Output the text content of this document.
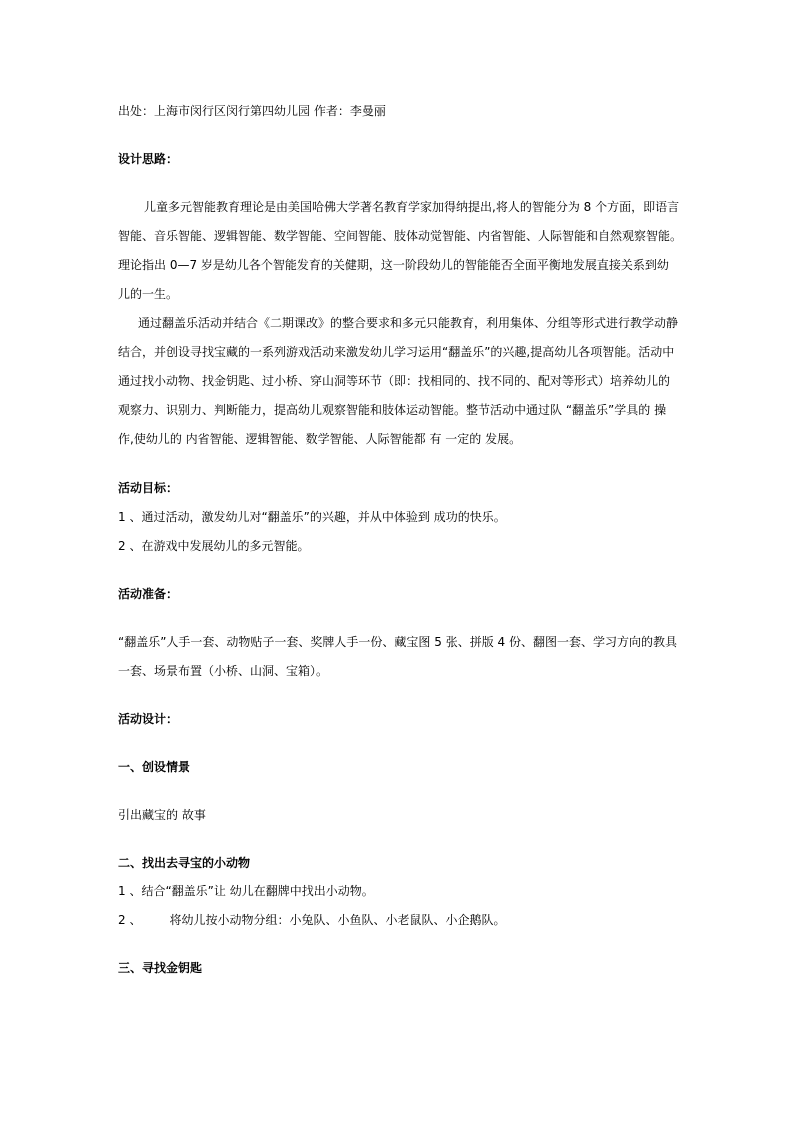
出处：上海市闵行区闵行第四幼儿园 作者：李曼丽
设计思路：
儿童多元智能教育理论是由美国哈佛大学著名教育学家加得纳提出,将人的智能分为 8 个方面，即语言
智能、音乐智能、逻辑智能、数学智能、空间智能、肢体动觉智能、内省智能、人际智能和自然观察智能。
理论指出 0—7 岁是幼儿各个智能发育的关健期，这一阶段幼儿的智能能否全面平衡地发展直接关系到幼
儿的一生。
通过翻盖乐活动并结合《二期课改》的整合要求和多元只能教育，利用集体、分组等形式进行教学动静
结合，并创设寻找宝藏的一系列游戏活动来激发幼儿学习运用“翻盖乐”的兴趣,提高幼儿各项智能。活动中
通过找小动物、找金钥匙、过小桥、穿山洞等环节（即：找相同的、找不同的、配对等形式）培养幼儿的
观察力、识别力、判断能力，提高幼儿观察智能和肢体运动智能。整节活动中通过队 “翻盖乐”学具的 操
作,使幼儿的 内省智能、逻辑智能、数学智能、人际智能都 有 一定的 发展。
活动目标：
1 、通过活动，激发幼儿对“翻盖乐”的兴趣，并从中体验到 成功的快乐。
2 、在游戏中发展幼儿的多元智能。
活动准备：
“翻盖乐”人手一套、动物贴子一套、奖牌人手一份、藏宝图 5 张、拼版 4 份、翻图一套、学习方向的教具
一套、场景布置（小桥、山洞、宝箱）。
活动设计：
一、创设情景
引出藏宝的 故事
二、找出去寻宝的小动物
1 、结合“翻盖乐”让 幼儿在翻牌中找出小动物。
2 、 将幼儿按小动物分组：小兔队、小鱼队、小老鼠队、小企鹅队。
三、寻找金钥匙
